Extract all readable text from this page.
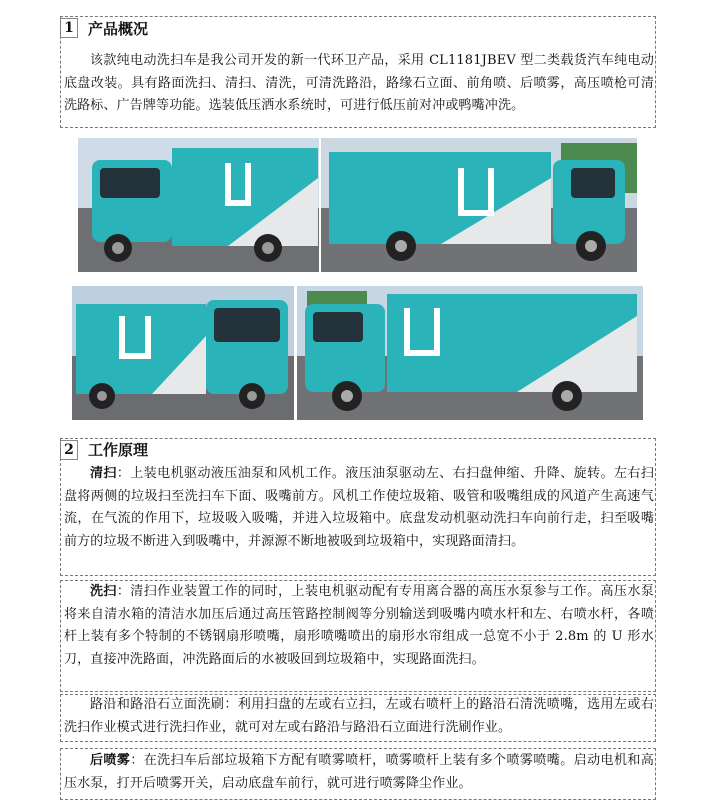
1 产品概况
该款纯电动洗扫车是我公司开发的新一代环卫产品，采用 CL1181JBEV 型二类载货汽车纯电动底盘改装。具有路面洗扫、清扫、清洗，可清洗路沿，路缘石立面、前角喷、后喷雾，高压喷枪可清洗路标、广告牌等功能。选装低压洒水系统时，可进行低压前对冲或鸭嘴冲洗。
2 工作原理
清扫：上装电机驱动液压油泵和风机工作。液压油泵驱动左、右扫盘伸缩、升降、旋转。左右扫盘将两侧的垃圾扫至洗扫车下面、吸嘴前方。风机工作使垃圾箱、吸管和吸嘴组成的风道产生高速气流，在气流的作用下，垃圾吸入吸嘴，并进入垃圾箱中。底盘发动机驱动洗扫车向前行走，扫至吸嘴前方的垃圾不断进入到吸嘴中，并源源不断地被吸到垃圾箱中，实现路面清扫。
洗扫：清扫作业装置工作的同时，上装电机驱动配有专用离合器的高压水泵参与工作。高压水泵将来自清水箱的清洁水加压后通过高压管路控制阀等分别输送到吸嘴内喷水杆和左、右喷水杆，各喷杆上装有多个特制的不锈钢扇形喷嘴，扇形喷嘴喷出的扇形水帘组成一总宽不小于 2.8m 的 U 形水刀，直接冲洗路面，冲洗路面后的水被吸回到垃圾箱中，实现路面洗扫。
路沿和路沿石立面洗刷：利用扫盘的左或右立扫，左或右喷杆上的路沿石清洗喷嘴，选用左或右洗扫作业模式进行洗扫作业，就可对左或右路沿与路沿石立面进行洗刷作业。
后喷雾：在洗扫车后部垃圾箱下方配有喷雾喷杆，喷雾喷杆上装有多个喷雾喷嘴。启动电机和高压水泵，打开后喷雾开关，启动底盘车前行，就可进行喷雾降尘作业。
